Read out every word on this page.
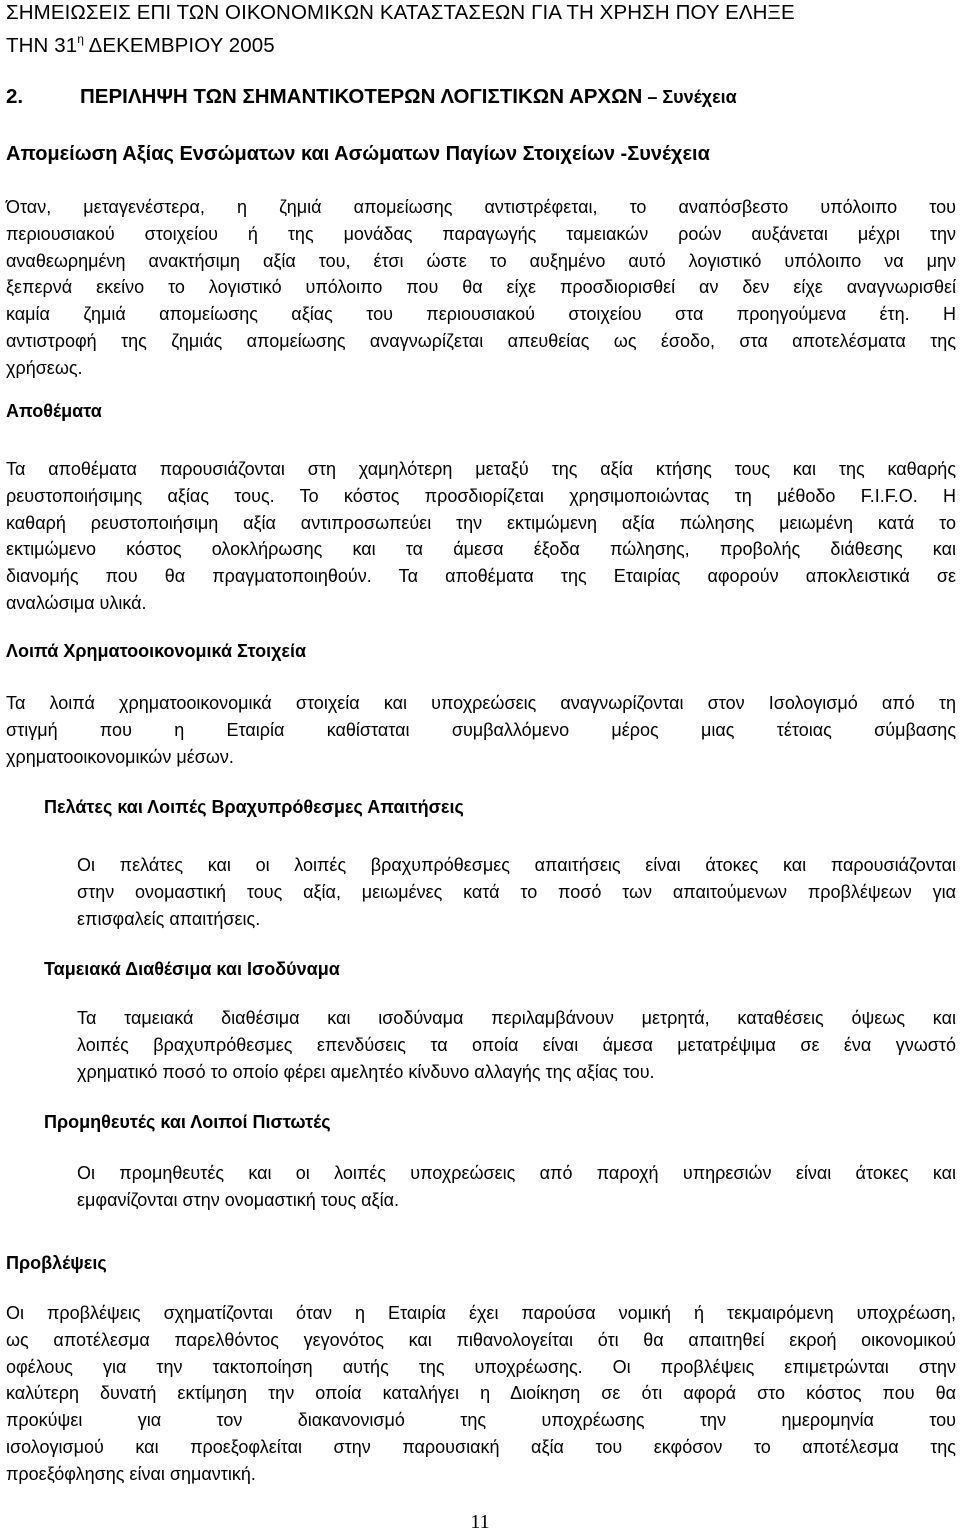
ΣΗΜΕΙΩΣΕΙΣ ΕΠΙ ΤΩΝ ΟΙΚΟΝΟΜΙΚΩΝ ΚΑΤΑΣΤΑΣΕΩΝ ΓΙΑ ΤΗ ΧΡΗΣΗ ΠΟΥ ΕΛΗΞΕ
ΤΗΝ $31^\eta$ ΔΕΚΕΜΒΡΙΟΥ 2005
2.	ΠΕΡΙΛΗΨΗ ΤΩΝ ΣΗΜΑΝΤΙΚΟΤΕΡΩΝ ΛΟΓΙΣΤΙΚΩΝ ΑΡΧΩΝ – Συνέχεια
Απομείωση Αξίας Ενσώματων και Ασώματων Παγίων Στοιχείων -Συνέχεια
Όταν, μεταγενέστερα, η ζημιά απομείωσης αντιστρέφεται, το αναπόσβεστο υπόλοιπο του
περιουσιακού στοιχείου ή της μονάδας παραγωγής ταμειακών ροών αυξάνεται μέχρι την
αναθεωρημένη ανακτήσιμη αξία του, έτσι ώστε το αυξημένο αυτό λογιστικό υπόλοιπο να μην
ξεπερνά εκείνο το λογιστικό υπόλοιπο που θα είχε προσδιορισθεί αν δεν είχε αναγνωρισθεί
καμία ζημιά απομείωσης αξίας του περιουσιακού στοιχείου στα προηγούμενα έτη. Η
αντιστροφή της ζημιάς απομείωσης αναγνωρίζεται απευθείας ως έσοδο, στα αποτελέσματα της
χρήσεως.
Αποθέματα
Τα αποθέματα παρουσιάζονται στη χαμηλότερη μεταξύ της αξία κτήσης τους και της καθαρής
ρευστοποιήσιμης αξίας τους. Το κόστος προσδιορίζεται χρησιμοποιώντας τη μέθοδο F.I.F.O. Η
καθαρή ρευστοποιήσιμη αξία αντιπροσωπεύει την εκτιμώμενη αξία πώλησης μειωμένη κατά το
εκτιμώμενο κόστος ολοκλήρωσης και τα άμεσα έξοδα πώλησης, προβολής διάθεσης και
διανομής που θα πραγματοποιηθούν. Τα αποθέματα της Εταιρίας αφορούν αποκλειστικά σε
αναλώσιμα υλικά.
Λοιπά Χρηματοοικονομικά Στοιχεία
Τα λοιπά χρηματοοικονομικά στοιχεία και υποχρεώσεις αναγνωρίζονται στον Ισολογισμό από τη
στιγμή που η Εταιρία καθίσταται συμβαλλόμενο μέρος μιας τέτοιας σύμβασης
χρηματοοικονομικών μέσων.
Πελάτες και Λοιπές Βραχυπρόθεσμες Απαιτήσεις
Οι πελάτες και οι λοιπές βραχυπρόθεσμες απαιτήσεις είναι άτοκες και παρουσιάζονται
στην ονομαστική τους αξία, μειωμένες κατά το ποσό των απαιτούμενων προβλέψεων για
επισφαλείς απαιτήσεις.
Ταμειακά Διαθέσιμα και Ισοδύναμα
Τα ταμειακά διαθέσιμα και ισοδύναμα περιλαμβάνουν μετρητά, καταθέσεις όψεως και
λοιπές βραχυπρόθεσμες επενδύσεις τα οποία είναι άμεσα μετατρέψιμα σε ένα γνωστό
χρηματικό ποσό το οποίο φέρει αμελητέο κίνδυνο αλλαγής της αξίας του.
Προμηθευτές και Λοιποί Πιστωτές
Οι προμηθευτές και οι λοιπές υποχρεώσεις από παροχή υπηρεσιών είναι άτοκες και
εμφανίζονται στην ονομαστική τους αξία.
Προβλέψεις
Οι προβλέψεις σχηματίζονται όταν η Εταιρία έχει παρούσα νομική ή τεκμαιρόμενη υποχρέωση,
ως αποτέλεσμα παρελθόντος γεγονότος και πιθανολογείται ότι θα απαιτηθεί εκροή οικονομικού
οφέλους για την τακτοποίηση αυτής της υποχρέωσης. Οι προβλέψεις επιμετρώνται στην
καλύτερη δυνατή εκτίμηση την οποία καταλήγει η Διοίκηση σε ότι αφορά στο κόστος που θα
προκύψει για τον διακανονισμό της υποχρέωσης την ημερομηνία του
ισολογισμού και προεξοφλείται στην παρουσιακή αξία του εκφόσον το αποτέλεσμα της
προεξόφλησης είναι σημαντική.
11
